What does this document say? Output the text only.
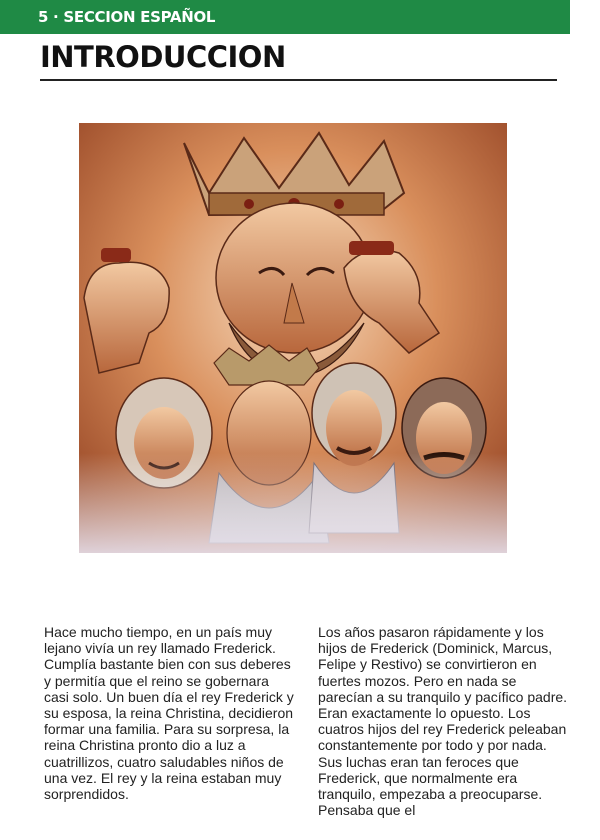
5 · SECCION ESPAÑOL
INTRODUCCION

Hace mucho tiempo, en un país muy lejano vivía un rey llamado Frederick. Cumplía bastante bien con sus deberes y permitía que el reino se gobernara casi solo. Un buen día el rey Frederick y su esposa, la reina Christina, decidieron formar una familia. Para su sorpresa, la reina Christina pronto dio a luz a cuatrillizos, cuatro saludables niños de una vez. El rey y la reina estaban muy sorprendidos.

Los años pasaron rápidamente y los hijos de Frederick (Dominick, Marcus, Felipe y Restivo) se convirtieron en fuertes mozos. Pero en nada se parecían a su tranquilo y pacífico padre. Eran exactamente lo opuesto. Los cuatros hijos del rey Frederick peleaban constantemente por todo y por nada. Sus luchas eran tan feroces que Frederick, que normalmente era tranquilo, empezaba a preocuparse. Pensaba que el
